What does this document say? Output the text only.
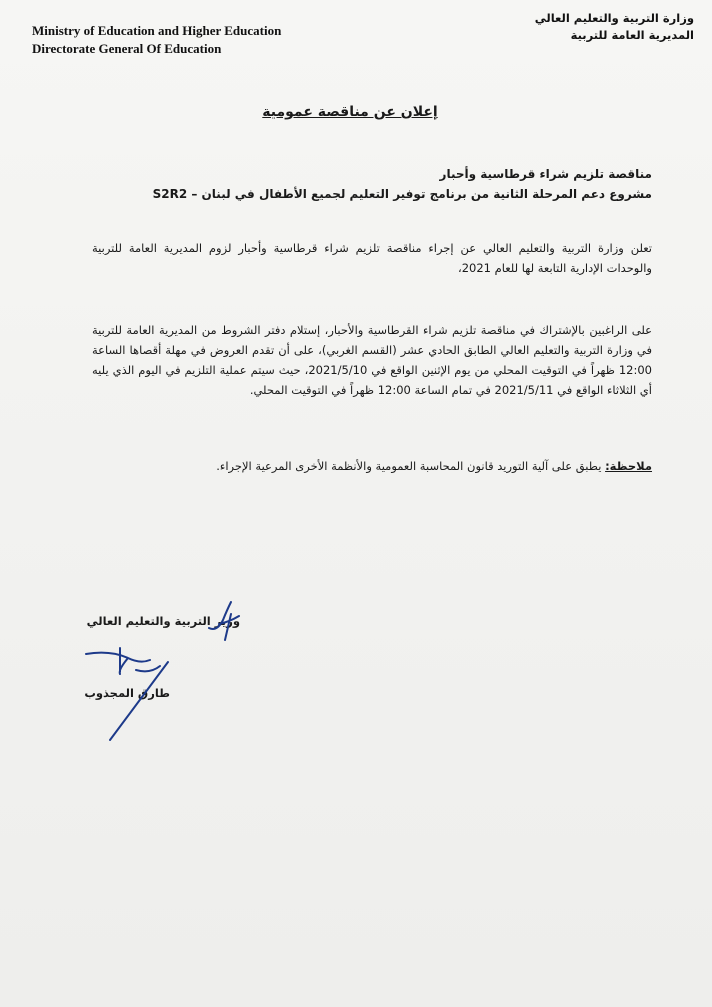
Ministry of Education and Higher Education
Directorate General Of Education
وزارة التربية والتعليم العالي
المديرية العامة للتربية
إعلان عن مناقصة عمومية
مناقصة تلزيم شراء قرطاسية وأحبار
مشروع دعم المرحلة الثانية من برنامج توفير التعليم لجميع الأطفال في لبنان – S2R2
تعلن وزارة التربية والتعليم العالي عن إجراء مناقصة تلزيم شراء قرطاسية وأحبار لزوم المديرية العامة للتربية والوحدات الإدارية التابعة لها للعام 2021،
على الراغبين بالإشتراك في مناقصة تلزيم شراء القرطاسية والأحبار، إستلام دفتر الشروط من المديرية العامة للتربية في وزارة التربية والتعليم العالي الطابق الحادي عشر (القسم الغربي)، على أن تقدم العروض في مهلة أقصاها الساعة 12:00 ظهراً في التوقيت المحلي من يوم الإثنين الواقع في 2021/5/10، حيث سيتم عملية التلزيم في اليوم الذي يليه أي الثلاثاء الواقع في 2021/5/11 في تمام الساعة 12:00 ظهراً في التوقيت المحلي.
ملاحظة: يطبق على آلية التوريد قانون المحاسبة العمومية والأنظمة الأخرى المرعية الإجراء.
وزير التربية والتعليم العالي
طارق المجذوب
